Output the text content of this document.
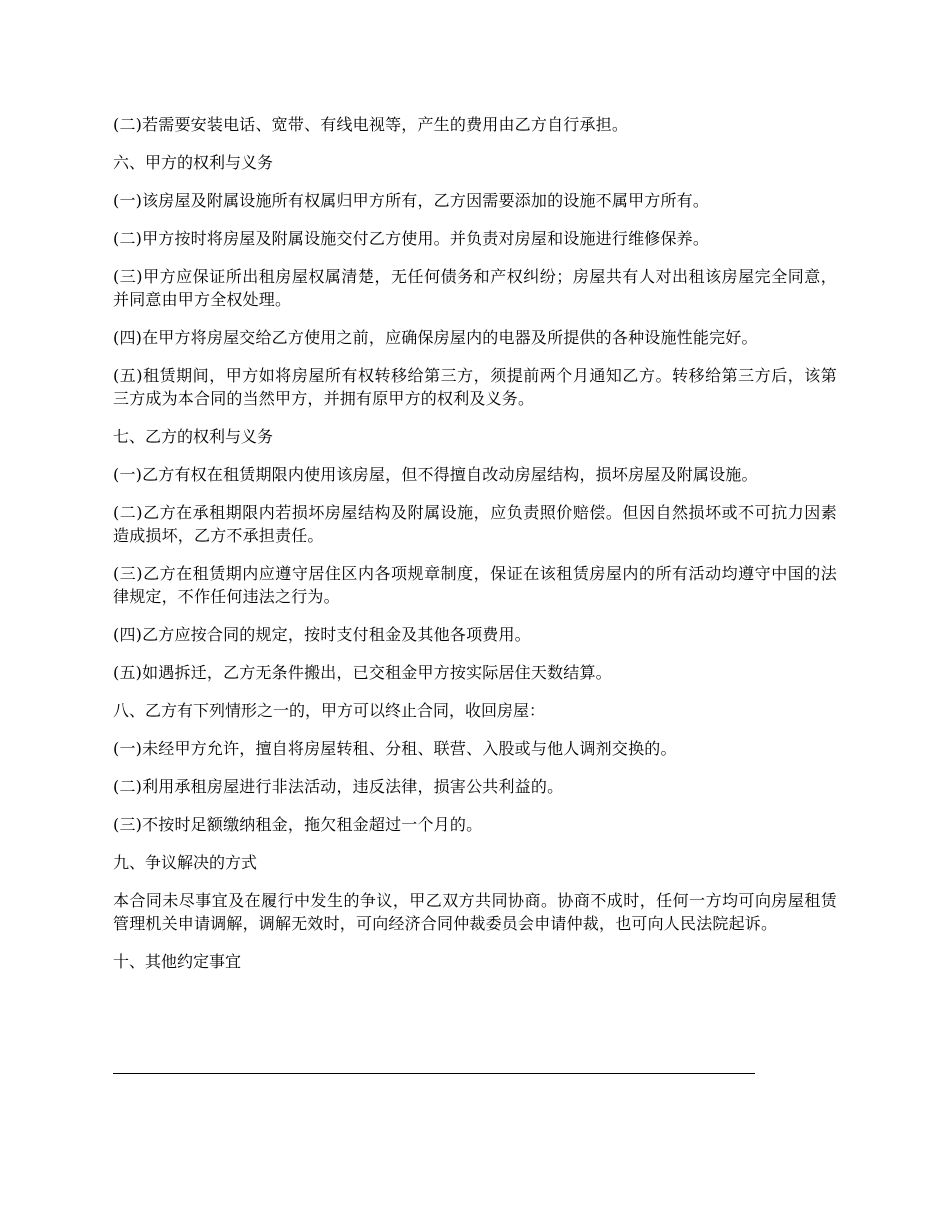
(二)若需要安装电话、宽带、有线电视等，产生的费用由乙方自行承担。

六、甲方的权利与义务

(一)该房屋及附属设施所有权属归甲方所有，乙方因需要添加的设施不属甲方所有。

(二)甲方按时将房屋及附属设施交付乙方使用。并负责对房屋和设施进行维修保养。

(三)甲方应保证所出租房屋权属清楚，无任何债务和产权纠纷；房屋共有人对出租该房屋完全同意，并同意由甲方全权处理。

(四)在甲方将房屋交给乙方使用之前，应确保房屋内的电器及所提供的各种设施性能完好。

(五)租赁期间，甲方如将房屋所有权转移给第三方，须提前两个月通知乙方。转移给第三方后，该第三方成为本合同的当然甲方，并拥有原甲方的权利及义务。

七、乙方的权利与义务

(一)乙方有权在租赁期限内使用该房屋，但不得擅自改动房屋结构，损坏房屋及附属设施。

(二)乙方在承租期限内若损坏房屋结构及附属设施，应负责照价赔偿。但因自然损坏或不可抗力因素造成损坏，乙方不承担责任。

(三)乙方在租赁期内应遵守居住区内各项规章制度，保证在该租赁房屋内的所有活动均遵守中国的法律规定，不作任何违法之行为。

(四)乙方应按合同的规定，按时支付租金及其他各项费用。

(五)如遇拆迁，乙方无条件搬出，已交租金甲方按实际居住天数结算。

八、乙方有下列情形之一的，甲方可以终止合同，收回房屋：

(一)未经甲方允许，擅自将房屋转租、分租、联营、入股或与他人调剂交换的。

(二)利用承租房屋进行非法活动，违反法律，损害公共利益的。

(三)不按时足额缴纳租金，拖欠租金超过一个月的。

九、争议解决的方式

本合同未尽事宜及在履行中发生的争议，甲乙双方共同协商。协商不成时，任何一方均可向房屋租赁管理机关申请调解，调解无效时，可向经济合同仲裁委员会申请仲裁，也可向人民法院起诉。

十、其他约定事宜
